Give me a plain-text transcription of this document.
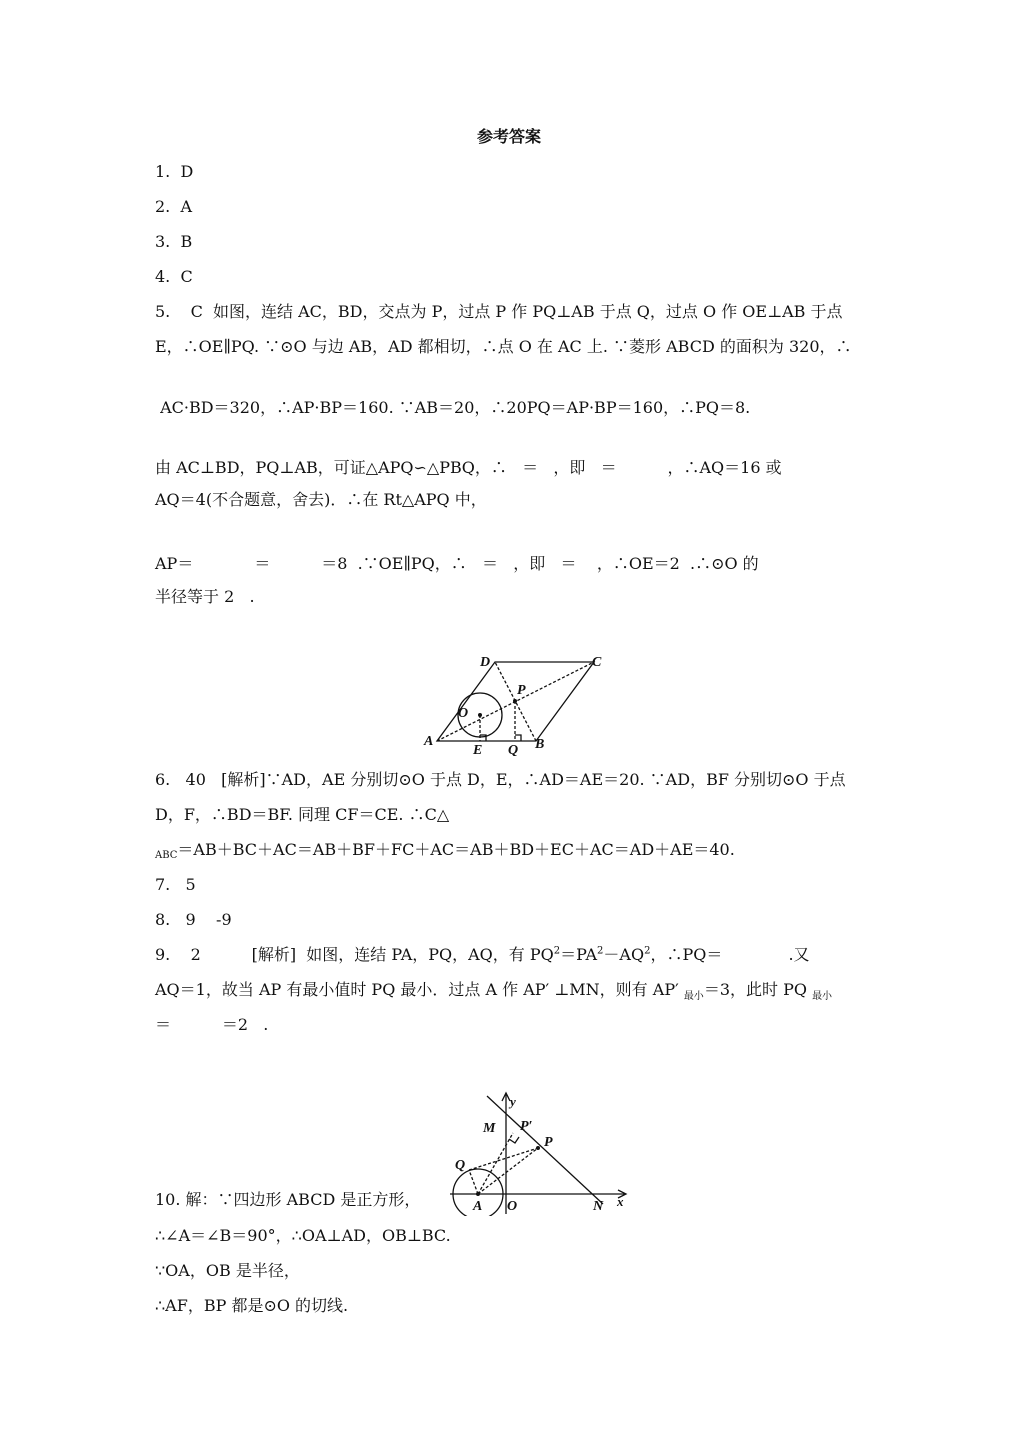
参考答案
1.  D
2.  A
3.  B
4.  C
5.    C  如图，连结 AC，BD，交点为 P，过点 P 作 PQ⊥AB 于点 Q，过点 O 作 OE⊥AB 于点
E，∴OE∥PQ. ∵⊙O 与边 AB，AD 都相切，∴点 O 在 AC 上. ∵菱形 ABCD 的面积为 320，∴
AC·BD＝320，∴AP·BP＝160. ∵AB＝20，∴20PQ＝AP·BP＝160，∴PQ＝8.
由 AC⊥BD，PQ⊥AB，可证△APQ∽△PBQ，∴   ＝   ，即   ＝          ，∴AQ＝16 或
AQ＝4(不合题意，舍去)．∴在 Rt△APQ 中，
AP＝            ＝          ＝8  .∵OE∥PQ，∴   ＝   ，即   ＝    ，∴OE＝2  .∴⊙O 的
半径等于 2   .
D	C
P
O
A
E Q B
6.   40   [解析]∵AD，AE 分别切⊙O 于点 D，E，∴AD＝AE＝20. ∵AD，BF 分别切⊙O 于点
D，F，∴BD＝BF. 同理 CF＝CE. ∴C△
ABC＝AB＋BC＋AC＝AB＋BF＋FC＋AC＝AB＋BD＋EC＋AC＝AD＋AE＝40.
7.   5
8.   9    -9
9.    2          [解析]  如图，连结 PA，PQ，AQ，有 $PQ^2=PA^2-AQ^2$，∴PQ＝             .又
AQ＝1，故当 AP 有最小值时 PQ 最小．过点 A 作 AP′ ⊥MN，则有 AP′ $_{最小}$＝3，此时 PQ $_{最小}$
＝          ＝2   .
y
M P′
P
Q
A O	N x
10. 解：∵四边形 ABCD 是正方形，
∴∠A＝∠B＝90°，∴OA⊥AD，OB⊥BC.
∵OA，OB 是半径，
∴AF，BP 都是⊙O 的切线.
